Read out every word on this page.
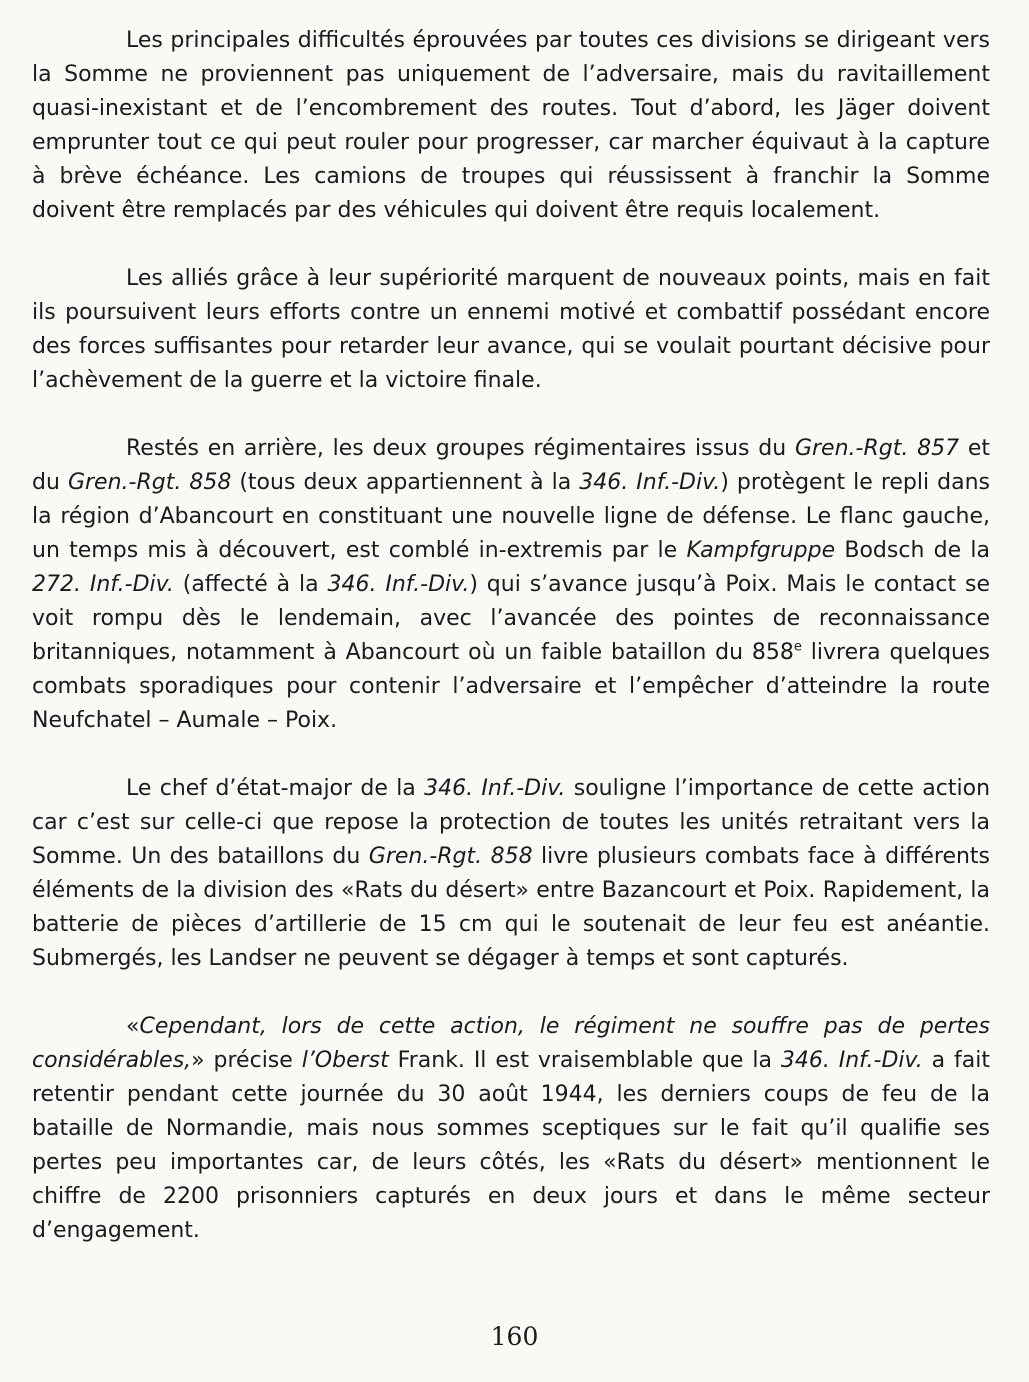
Les principales difficultés éprouvées par toutes ces divisions se dirigeant vers la Somme ne proviennent pas uniquement de l’adversaire, mais du ravitaillement quasi-inexistant et de l’encombrement des routes. Tout d’abord, les Jäger doivent emprunter tout ce qui peut rouler pour progresser, car marcher équivaut à la capture à brève échéance. Les camions de troupes qui réussissent à franchir la Somme doivent être remplacés par des véhicules qui doivent être requis localement.

Les alliés grâce à leur supériorité marquent de nouveaux points, mais en fait ils poursuivent leurs efforts contre un ennemi motivé et combattif possédant encore des forces suffisantes pour retarder leur avance, qui se voulait pourtant décisive pour l’achèvement de la guerre et la victoire finale.

Restés en arrière, les deux groupes régimentaires issus du Gren.-Rgt. 857 et du Gren.-Rgt. 858 (tous deux appartiennent à la 346. Inf.-Div.) protègent le repli dans la région d’Abancourt en constituant une nouvelle ligne de défense. Le flanc gauche, un temps mis à découvert, est comblé in-extremis par le Kampfgruppe Bodsch de la 272. Inf.-Div. (affecté à la 346. Inf.-Div.) qui s’avance jusqu’à Poix. Mais le contact se voit rompu dès le lendemain, avec l’avancée des pointes de reconnaissance britanniques, notamment à Abancourt où un faible bataillon du 858e livrera quelques combats sporadiques pour contenir l’adversaire et l’empêcher d’atteindre la route Neufchatel – Aumale – Poix.

Le chef d’état-major de la 346. Inf.-Div. souligne l’importance de cette action car c’est sur celle-ci que repose la protection de toutes les unités retraitant vers la Somme. Un des bataillons du Gren.-Rgt. 858 livre plusieurs combats face à différents éléments de la division des «Rats du désert» entre Bazancourt et Poix. Rapidement, la batterie de pièces d’artillerie de 15 cm qui le soutenait de leur feu est anéantie. Submergés, les Landser ne peuvent se dégager à temps et sont capturés.

«Cependant, lors de cette action, le régiment ne souffre pas de pertes considérables,» précise l’Oberst Frank. Il est vraisemblable que la 346. Inf.-Div. a fait retentir pendant cette journée du 30 août 1944, les derniers coups de feu de la bataille de Normandie, mais nous sommes sceptiques sur le fait qu’il qualifie ses pertes peu importantes car, de leurs côtés, les «Rats du désert» mentionnent le chiffre de 2200 prisonniers capturés en deux jours et dans le même secteur d’engagement.

160
